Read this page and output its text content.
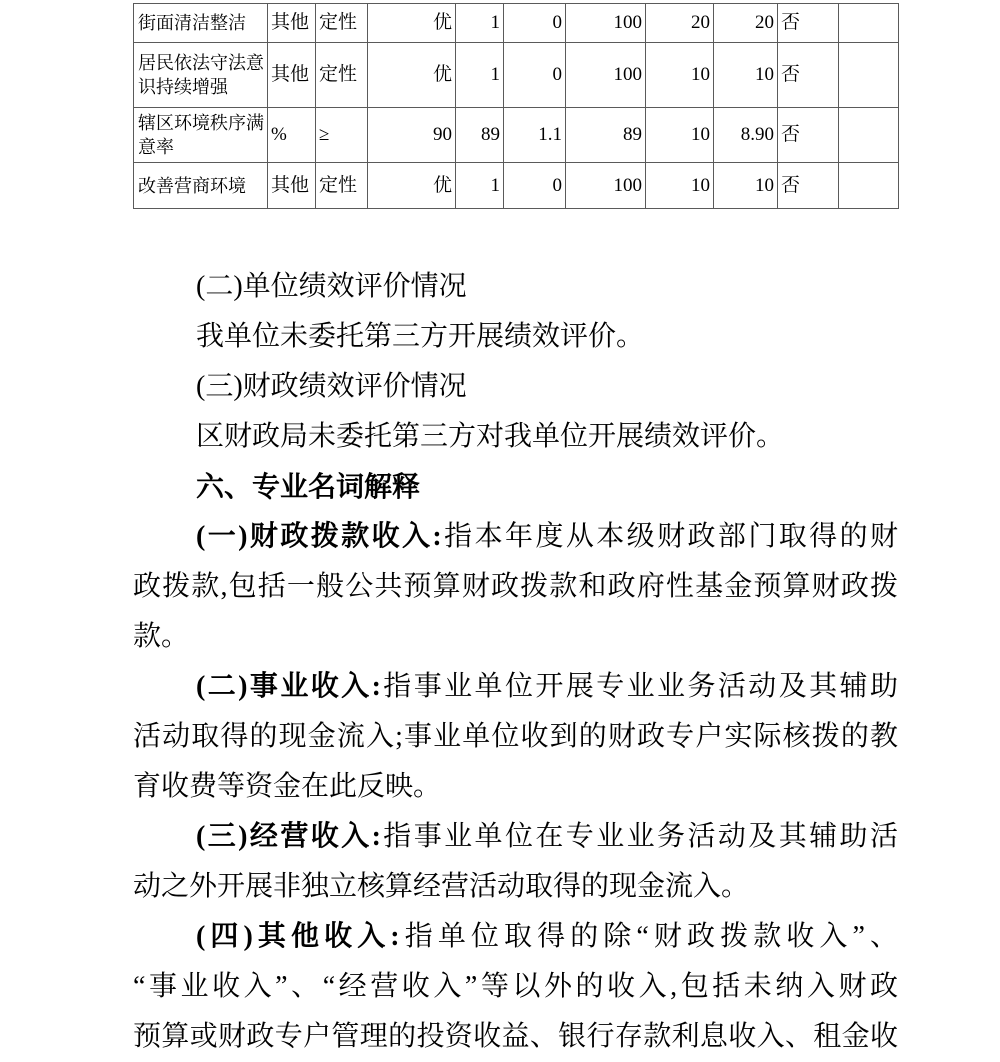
街面清洁整洁	其他	定性	优	1	0	100	20	20	否	
居民依法守法意识持续增强	其他	定性	优	1	0	100	10	10	否	
辖区环境秩序满意率	%	≥	90	89	1.1	89	10	8.90	否	
改善营商环境	其他	定性	优	1	0	100	10	10	否	
(二)单位绩效评价情况
我单位未委托第三方开展绩效评价。
(三)财政绩效评价情况
区财政局未委托第三方对我单位开展绩效评价。
六、专业名词解释
(一)财政拨款收入:指本年度从本级财政部门取得的财
政拨款,包括一般公共预算财政拨款和政府性基金预算财政拨
款。
(二)事业收入:指事业单位开展专业业务活动及其辅助
活动取得的现金流入;事业单位收到的财政专户实际核拨的教
育收费等资金在此反映。
(三)经营收入:指事业单位在专业业务活动及其辅助活
动之外开展非独立核算经营活动取得的现金流入。
(四)其他收入:指单位取得的除“财政拨款收入”、
“事业收入”、“经营收入”等以外的收入,包括未纳入财政
预算或财政专户管理的投资收益、银行存款利息收入、租金收
